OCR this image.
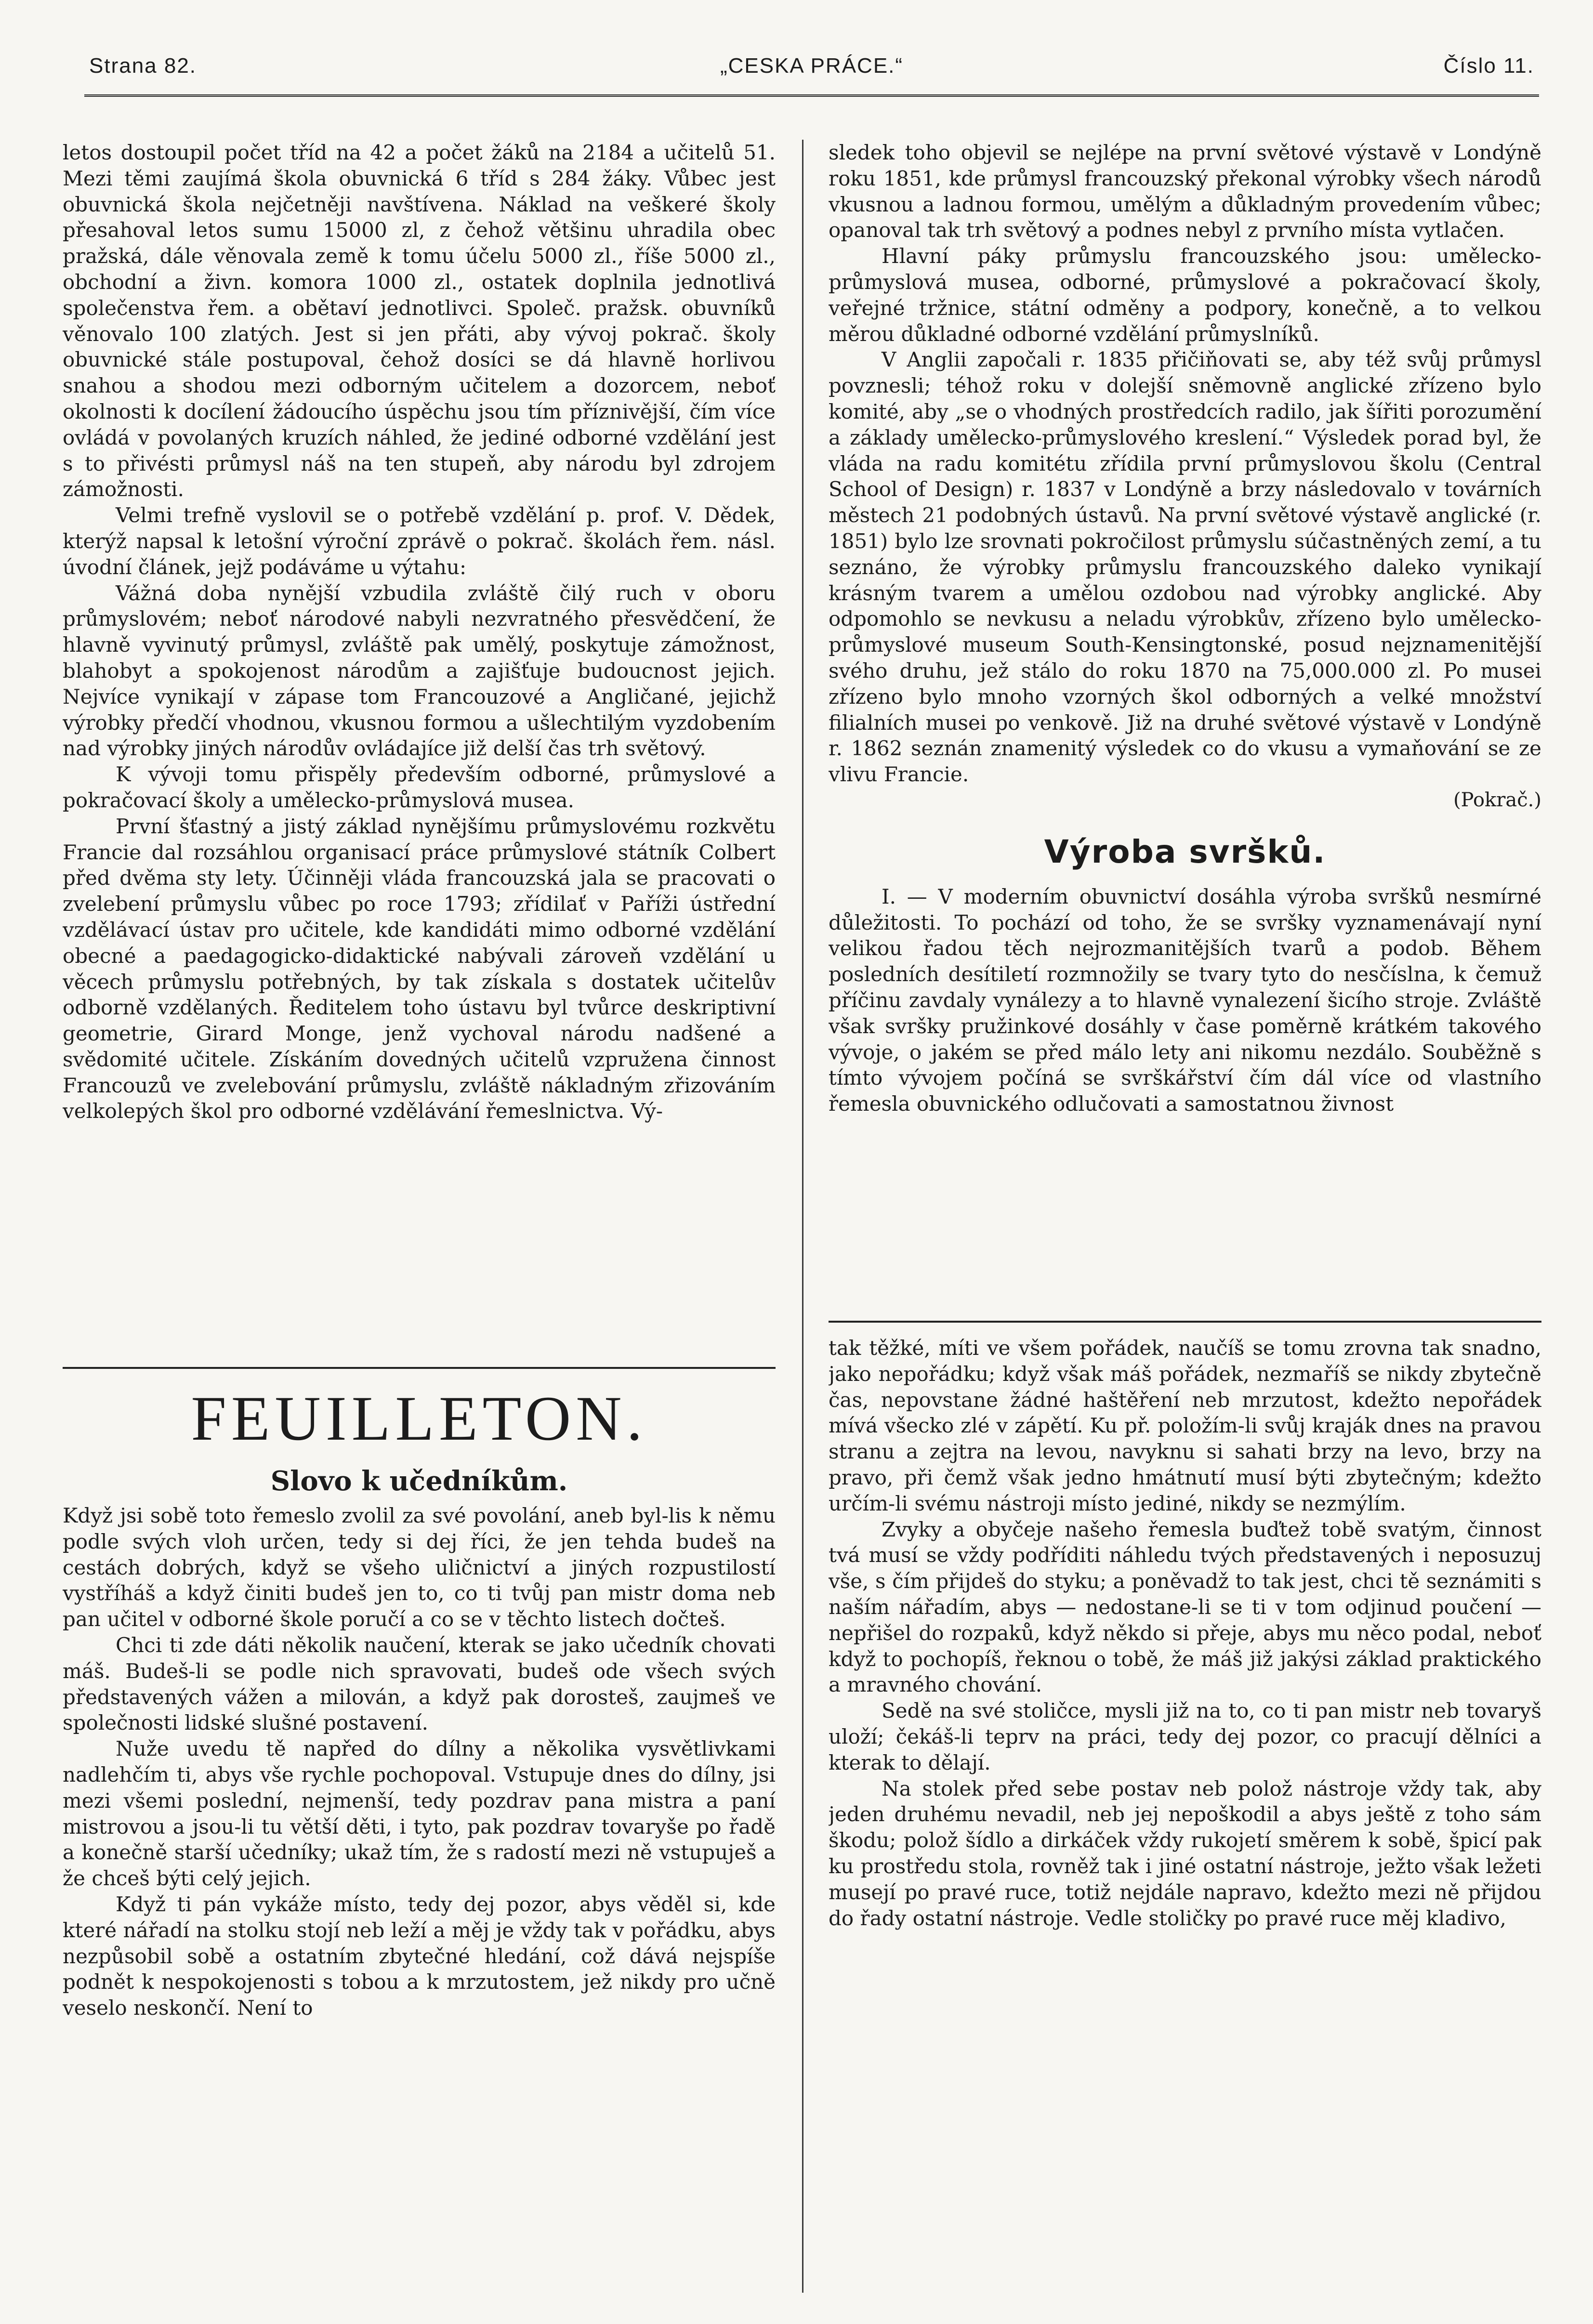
Strana 82.	„CESKA PRÁCE.“	Číslo 11.

letos dostoupil počet tříd na 42 a počet žáků na 2184 a učitelů 51. Mezi těmi zaujímá škola obuvnická 6 tříd s 284 žáky. Vůbec jest obuvnická škola nejčetněji navštívena. Náklad na veškeré školy přesahoval letos sumu 15000 zl, z čehož většinu uhradila obec pražská, dále věnovala země k tomu účelu 5000 zl., říše 5000 zl., obchodní a živn. komora 1000 zl., ostatek doplnila jednotlivá společenstva řem. a obětaví jednotlivci. Společ. pražsk. obuvníků věnovalo 100 zlatých. Jest si jen přáti, aby vývoj pokrač. školy obuvnické stále postupoval, čehož dosíci se dá hlavně horlivou snahou a shodou mezi odborným učitelem a dozorcem, neboť okolnosti k docílení žádoucího úspěchu jsou tím příznivější, čím více ovládá v povolaných kruzích náhled, že jediné odborné vzdělání jest s to přivésti průmysl náš na ten stupeň, aby národu byl zdrojem zámožnosti.

Velmi trefně vyslovil se o potřebě vzdělání p. prof. V. Dědek, kterýž napsal k letošní výroční zprávě o pokrač. školách řem. násl. úvodní článek, jejž podáváme u výtahu:

Vážná doba nynější vzbudila zvláště čilý ruch v oboru průmyslovém; neboť národové nabyli nezvratného přesvědčení, že hlavně vyvinutý průmysl, zvláště pak umělý, poskytuje zámožnost, blahobyt a spokojenost národům a zajišťuje budoucnost jejich. Nejvíce vynikají v zápase tom Francouzové a Angličané, jejichž výrobky předčí vhodnou, vkusnou formou a ušlechtilým vyzdobením nad výrobky jiných národův ovládajíce již delší čas trh světový.

K vývoji tomu přispěly především odborné, průmyslové a pokračovací školy a umělecko-průmyslová musea.

První šťastný a jistý základ nynějšímu průmyslovému rozkvětu Francie dal rozsáhlou organisací práce průmyslové státník Colbert před dvěma sty lety. Účinněji vláda francouzská jala se pracovati o zvelebení průmyslu vůbec po roce 1793; zřídilať v Paříži ústřední vzdělávací ústav pro učitele, kde kandidáti mimo odborné vzdělání obecné a paedagogicko-didaktické nabývali zároveň vzdělání u věcech průmyslu potřebných, by tak získala s dostatek učitelův odborně vzdělaných. Ředitelem toho ústavu byl tvůrce deskriptivní geometrie, Girard Monge, jenž vychoval národu nadšené a svědomité učitele. Získáním dovedných učitelů vzpružena činnost Francouzů ve zvelebování průmyslu, zvláště nákladným zřizováním velkolepých škol pro odborné vzdělávání řemeslnictva. Vý-

sledek toho objevil se nejlépe na první světové výstavě v Londýně roku 1851, kde průmysl francouzský překonal výrobky všech národů vkusnou a ladnou formou, umělým a důkladným provedením vůbec; opanoval tak trh světový a podnes nebyl z prvního místa vytlačen.

Hlavní páky průmyslu francouzského jsou: umělecko-průmyslová musea, odborné, průmyslové a pokračovací školy, veřejné tržnice, státní odměny a podpory, konečně, a to velkou měrou důkladné odborné vzdělání průmyslníků.

V Anglii započali r. 1835 přičiňovati se, aby též svůj průmysl povznesli; téhož roku v dolejší sněmovně anglické zřízeno bylo komité, aby „se o vhodných prostředcích radilo, jak šířiti porozumění a základy umělecko-průmyslového kreslení.“ Výsledek porad byl, že vláda na radu komitétu zřídila první průmyslovou školu (Central School of Design) r. 1837 v Londýně a brzy následovalo v továrních městech 21 podobných ústavů. Na první světové výstavě anglické (r. 1851) bylo lze srovnati pokročilost průmyslu súčastněných zemí, a tu seznáno, že výrobky průmyslu francouzského daleko vynikají krásným tvarem a umělou ozdobou nad výrobky anglické. Aby odpomohlo se nevkusu a neladu výrobkův, zřízeno bylo umělecko-průmyslové museum South-Kensingtonské, posud nejznamenitější svého druhu, jež stálo do roku 1870 na 75,000.000 zl. Po musei zřízeno bylo mnoho vzorných škol odborných a velké množství filialních musei po venkově. Již na druhé světové výstavě v Londýně r. 1862 seznán znamenitý výsledek co do vkusu a vymaňování se ze vlivu Francie.

(Pokrač.)

Výroba svršků.

I. — V moderním obuvnictví dosáhla výroba svršků nesmírné důležitosti. To pochází od toho, že se svršky vyznamenávají nyní velikou řadou těch nejrozmanitějších tvarů a podob. Během posledních desítiletí rozmnožily se tvary tyto do nesčíslna, k čemuž příčinu zavdaly vynálezy a to hlavně vynalezení šicího stroje. Zvláště však svršky pružinkové dosáhly v čase poměrně krátkém takového vývoje, o jakém se před málo lety ani nikomu nezdálo. Souběžně s tímto vývojem počíná se svrškářství čím dál více od vlastního řemesla obuvnického odlučovati a samostatnou živnost

FEUILLETON.
Slovo k učedníkům.

Když jsi sobě toto řemeslo zvolil za své povolání, aneb byl-lis k němu podle svých vloh určen, tedy si dej říci, že jen tehda budeš na cestách dobrých, když se všeho uličnictví a jiných rozpustilostí vystříháš a když činiti budeš jen to, co ti tvůj pan mistr doma neb pan učitel v odborné škole poručí a co se v těchto listech dočteš.

Chci ti zde dáti několik naučení, kterak se jako učedník chovati máš. Budeš-li se podle nich spravovati, budeš ode všech svých představených vážen a milován, a když pak dorosteš, zaujmeš ve společnosti lidské slušné postavení.

Nuže uvedu tě napřed do dílny a několika vysvětlivkami nadlehčím ti, abys vše rychle pochopoval. Vstupuje dnes do dílny, jsi mezi všemi poslední, nejmenší, tedy pozdrav pana mistra a paní mistrovou a jsou-li tu větší děti, i tyto, pak pozdrav tovaryše po řadě a konečně starší učedníky; ukaž tím, že s radostí mezi ně vstupuješ a že chceš býti celý jejich.

Když ti pán vykáže místo, tedy dej pozor, abys věděl si, kde které nářadí na stolku stojí neb leží a měj je vždy tak v pořádku, abys nezpůsobil sobě a ostatním zbytečné hledání, což dává nejspíše podnět k nespokojenosti s tobou a k mrzutostem, jež nikdy pro učně veselo neskončí. Není to

tak těžké, míti ve všem pořádek, naučíš se tomu zrovna tak snadno, jako nepořádku; když však máš pořádek, nezmaříš se nikdy zbytečně čas, nepovstane žádné haštěření neb mrzutost, kdežto nepořádek mívá všecko zlé v zápětí. Ku př. položím-li svůj kraják dnes na pravou stranu a zejtra na levou, navyknu si sahati brzy na levo, brzy na pravo, při čemž však jedno hmátnutí musí býti zbytečným; kdežto určím-li svému nástroji místo jediné, nikdy se nezmýlím.

Zvyky a obyčeje našeho řemesla buďtež tobě svatým, činnost tvá musí se vždy podříditi náhledu tvých představených i neposuzuj vše, s čím přijdeš do styku; a poněvadž to tak jest, chci tě seznámiti s naším nářadím, abys — nedostane-li se ti v tom odjinud poučení — nepřišel do rozpaků, když někdo si přeje, abys mu něco podal, neboť když to pochopíš, řeknou o tobě, že máš již jakýsi základ praktického a mravného chování.

Sedě na své stoličce, mysli již na to, co ti pan mistr neb tovaryš uloží; čekáš-li teprv na práci, tedy dej pozor, co pracují dělníci a kterak to dělají.

Na stolek před sebe postav neb polož nástroje vždy tak, aby jeden druhému nevadil, neb jej nepoškodil a abys ještě z toho sám škodu; polož šídlo a dirkáček vždy rukojetí směrem k sobě, špicí pak ku prostředu stola, rovněž tak i jiné ostatní nástroje, ježto však ležeti musejí po pravé ruce, totiž nejdále napravo, kdežto mezi ně přijdou do řady ostatní nástroje. Vedle stoličky po pravé ruce měj kladivo,
